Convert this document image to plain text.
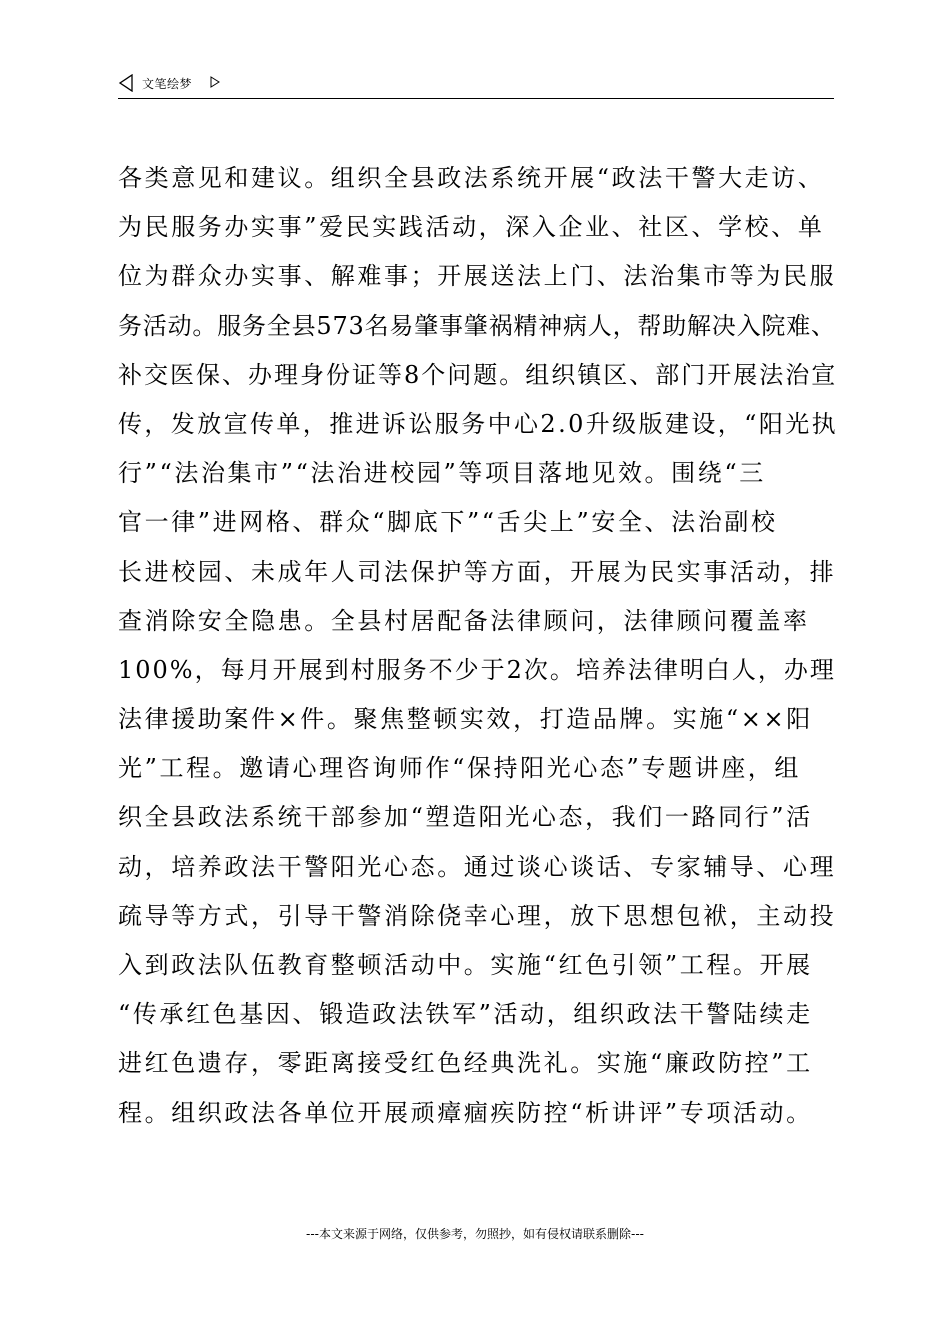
文笔绘梦
各类意见和建议。组织全县政法系统开展“政法干警大走访、
为民服务办实事”爱民实践活动，深入企业、社区、学校、单
位为群众办实事、解难事；开展送法上门、法治集市等为民服
务活动。服务全县573名易肇事肇祸精神病人，帮助解决入院难、
补交医保、办理身份证等8个问题。组织镇区、部门开展法治宣
传，发放宣传单，推进诉讼服务中心2.0升级版建设，“阳光执
行”“法治集市”“法治进校园”等项目落地见效。围绕“三
官一律”进网格、群众“脚底下”“舌尖上”安全、法治副校
长进校园、未成年人司法保护等方面，开展为民实事活动，排
查消除安全隐患。全县村居配备法律顾问，法律顾问覆盖率
100%，每月开展到村服务不少于2次。培养法律明白人，办理
法律援助案件×件。聚焦整顿实效，打造品牌。实施“××阳
光”工程。邀请心理咨询师作“保持阳光心态”专题讲座，组
织全县政法系统干部参加“塑造阳光心态，我们一路同行”活
动，培养政法干警阳光心态。通过谈心谈话、专家辅导、心理
疏导等方式，引导干警消除侥幸心理，放下思想包袱，主动投
入到政法队伍教育整顿活动中。实施“红色引领”工程。开展
“传承红色基因、锻造政法铁军”活动，组织政法干警陆续走
进红色遗存，零距离接受红色经典洗礼。实施“廉政防控”工
程。组织政法各单位开展顽瘴痼疾防控“析讲评”专项活动。
---本文来源于网络，仅供参考，勿照抄，如有侵权请联系删除---
